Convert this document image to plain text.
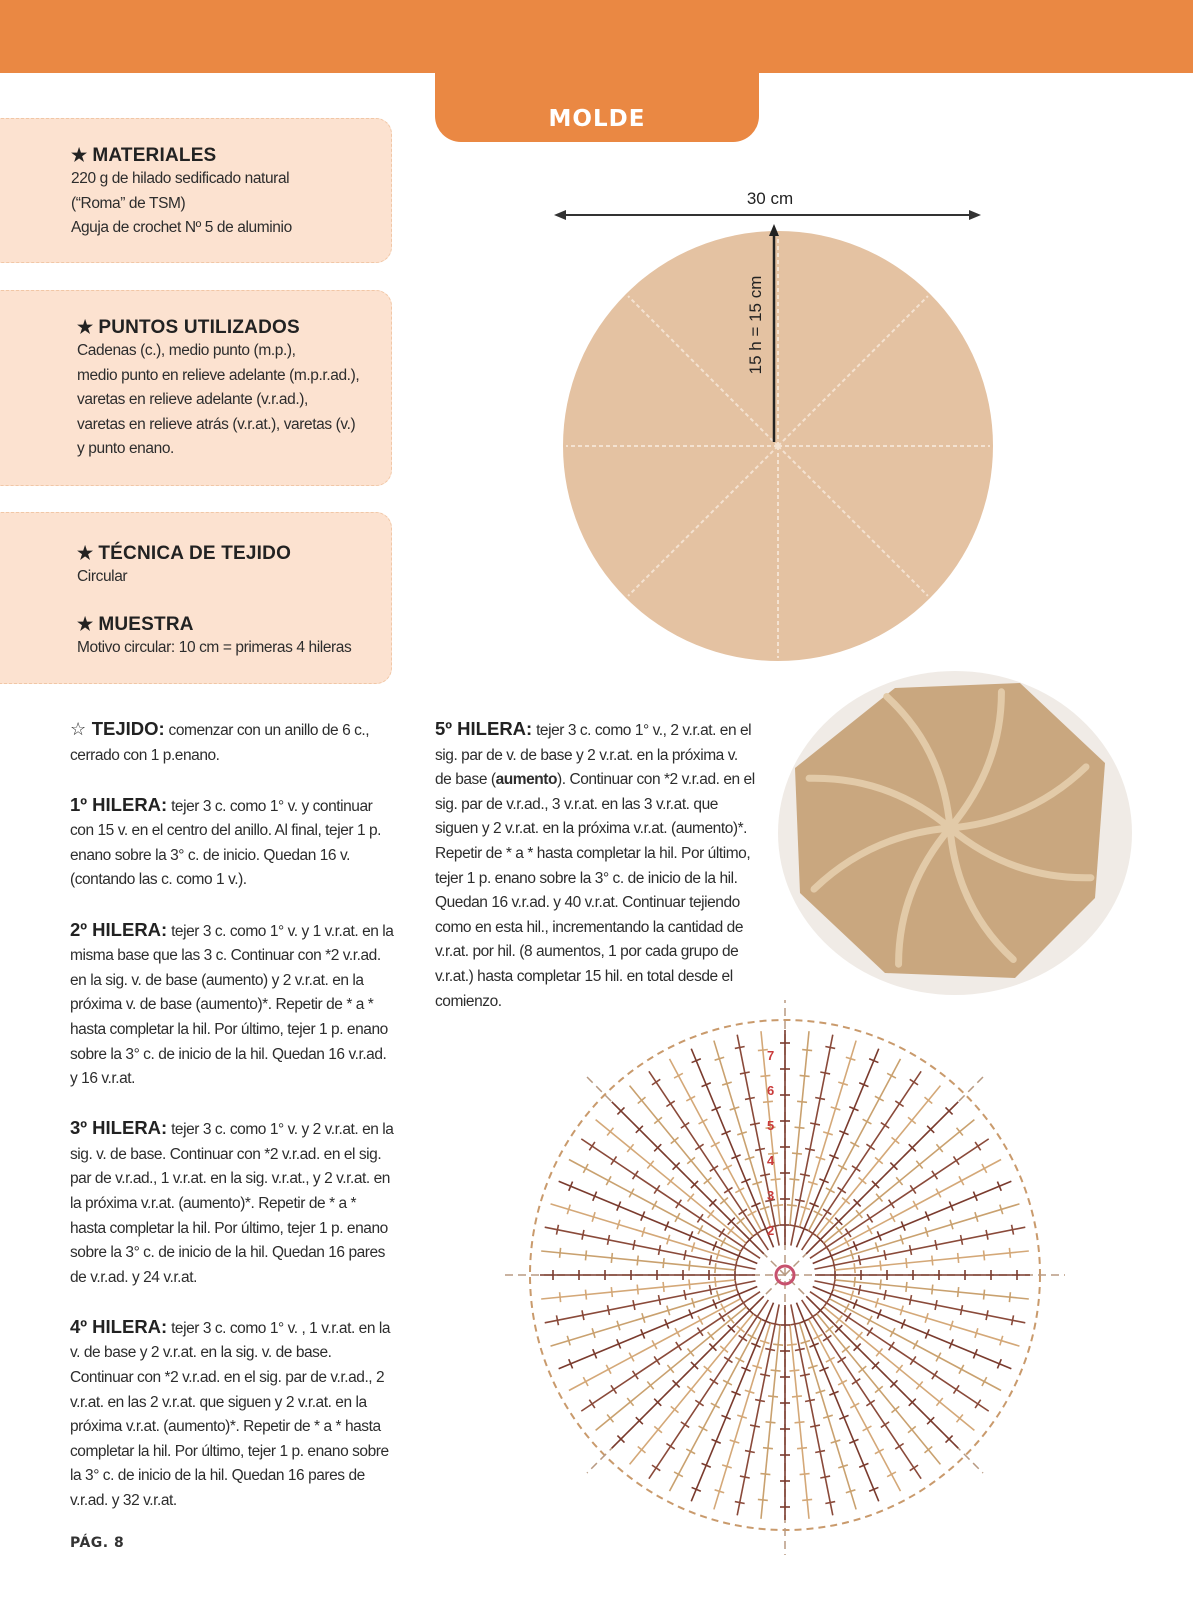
MOLDE
★ MATERIALES
220 g de hilado sedificado natural
(“Roma” de TSM)
Aguja de crochet Nº 5 de aluminio
★ PUNTOS UTILIZADOS
Cadenas (c.), medio punto (m.p.),
medio punto en relieve adelante (m.p.r.ad.),
varetas en relieve adelante (v.r.ad.),
varetas en relieve atrás (v.r.at.), varetas (v.)
y punto enano.
★ TÉCNICA DE TEJIDO
Circular
★ MUESTRA
Motivo circular: 10 cm = primeras 4 hileras

☆ TEJIDO: comenzar con un anillo de 6 c., cerrado con 1 p.enano.

1º HILERA: tejer 3 c. como 1° v. y continuar con 15 v. en el centro del anillo. Al final, tejer 1 p. enano sobre la 3° c. de inicio. Quedan 16 v. (contando las c. como 1 v.).

2º HILERA: tejer 3 c. como 1° v. y 1 v.r.at. en la misma base que las 3 c. Continuar con *2 v.r.ad. en la sig. v. de base (aumento) y 2 v.r.at. en la próxima v. de base (aumento)*. Repetir de * a * hasta completar la hil. Por último, tejer 1 p. enano sobre la 3° c. de inicio de la hil. Quedan 16 v.r.ad. y 16 v.r.at.

3º HILERA: tejer 3 c. como 1° v. y 2 v.r.at. en la sig. v. de base. Continuar con *2 v.r.ad. en el sig. par de v.r.ad., 1 v.r.at. en la sig. v.r.at., y 2 v.r.at. en la próxima v.r.at. (aumento)*. Repetir de * a * hasta completar la hil. Por último, tejer 1 p. enano sobre la 3° c. de inicio de la hil. Quedan 16 pares de v.r.ad. y 24 v.r.at.

4º HILERA: tejer 3 c. como 1° v. , 1 v.r.at. en la v. de base y 2 v.r.at. en la sig. v. de base. Continuar con *2 v.r.ad. en el sig. par de v.r.ad., 2 v.r.at. en las 2 v.r.at. que siguen y 2 v.r.at. en la próxima v.r.at. (aumento)*. Repetir de * a * hasta completar la hil. Por último, tejer 1 p. enano sobre la 3° c. de inicio de la hil. Quedan 16 pares de v.r.ad. y 32 v.r.at.

5º HILERA: tejer 3 c. como 1° v., 2 v.r.at. en el sig. par de v. de base y 2 v.r.at. en la próxima v. de base (aumento). Continuar con *2 v.r.ad. en el sig. par de v.r.ad., 3 v.r.at. en las 3 v.r.at. que siguen y 2 v.r.at. en la próxima v.r.at. (aumento)*. Repetir de * a * hasta completar la hil. Por último, tejer 1 p. enano sobre la 3° c. de inicio de la hil. Quedan 16 v.r.ad. y 40 v.r.at. Continuar tejiendo como en esta hil., incrementando la cantidad de v.r.at. por hil. (8 aumentos, 1 por cada grupo de v.r.at.) hasta completar 15 hil. en total desde el comienzo.

30 cm
15 h = 15 cm
2
3
4
5
6
7
PÁG. 8
